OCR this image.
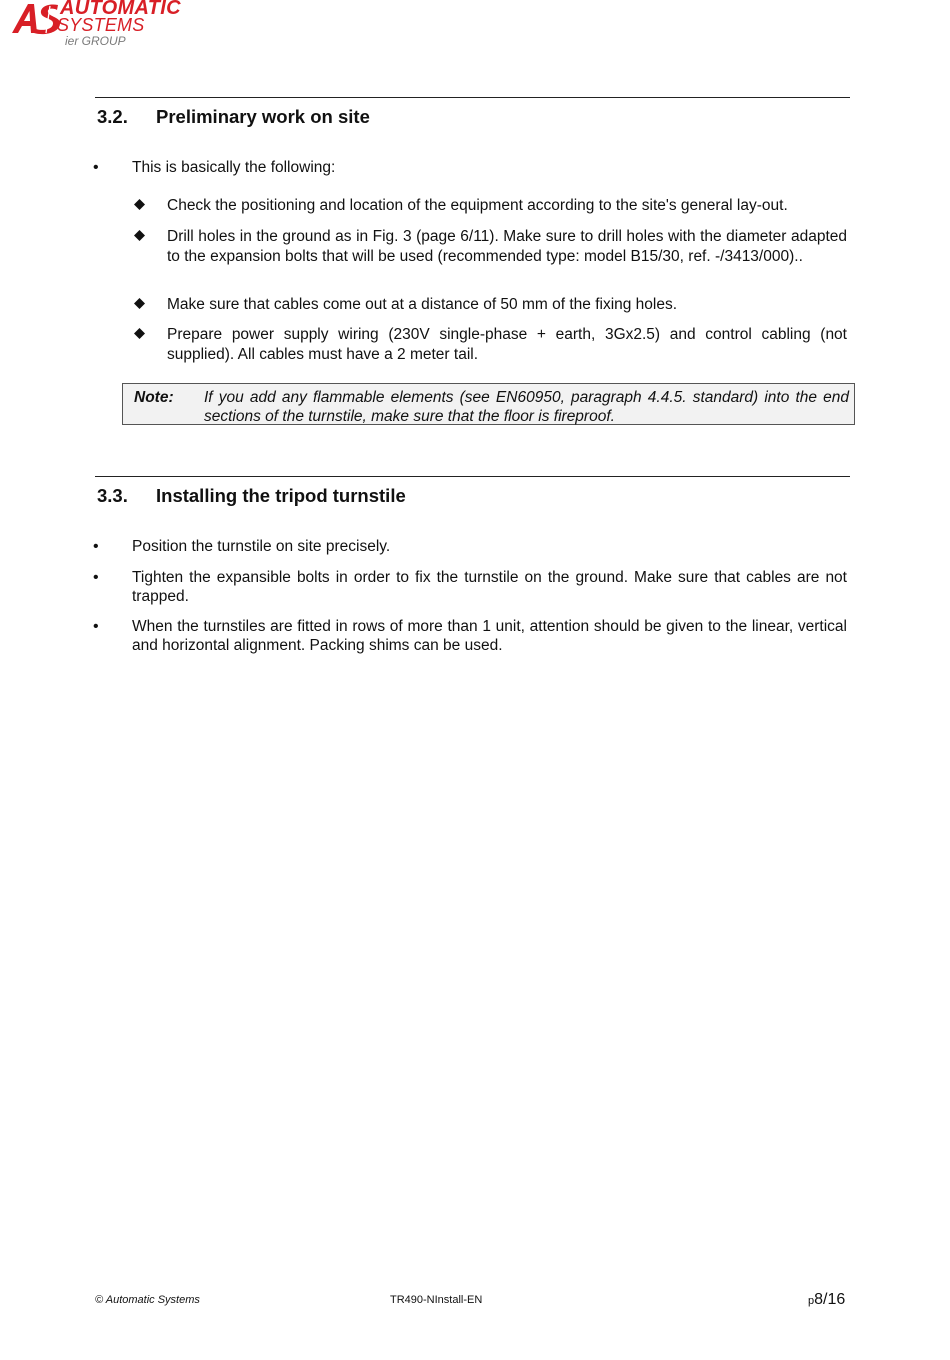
AUTOMATIC
SYSTEMS
ier GROUP
3.2. Preliminary work on site
• This is basically the following:
Check the positioning and location of the equipment according to the site's general lay-out.
Drill holes in the ground as in Fig. 3 (page 6/11). Make sure to drill holes with the diameter adapted to the expansion bolts that will be used (recommended type: model B15/30, ref. -/3413/000)..
Make sure that cables come out at a distance of 50 mm of the fixing holes.
Prepare power supply wiring (230V single-phase + earth, 3Gx2.5) and control cabling (not supplied). All cables must have a 2 meter tail.
Note: If you add any flammable elements (see EN60950, paragraph 4.4.5. standard) into the end sections of the turnstile, make sure that the floor is fireproof.
3.3. Installing the tripod turnstile
• Position the turnstile on site precisely.
• Tighten the expansible bolts in order to fix the turnstile on the ground. Make sure that cables are not trapped.
• When the turnstiles are fitted in rows of more than 1 unit, attention should be given to the linear, vertical and horizontal alignment. Packing shims can be used.
© Automatic Systems	TR490-NInstall-EN	p8/16
